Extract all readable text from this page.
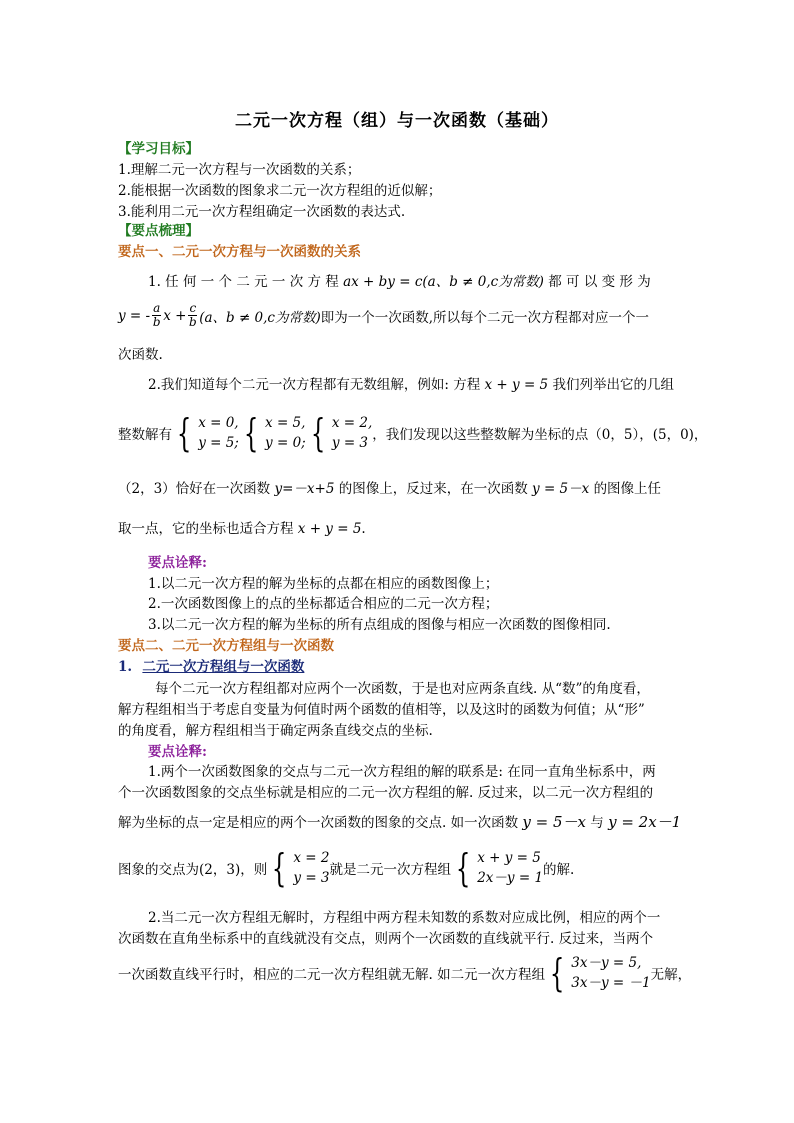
二元一次方程（组）与一次函数（基础）
【学习目标】
1.理解二元一次方程与一次函数的关系；
2.能根据一次函数的图象求二元一次方程组的近似解；
3.能利用二元一次方程组确定一次函数的表达式.
【要点梳理】
要点一、二元一次方程与一次函数的关系
1. 任 何 一 个 二 元 一 次 方 程 ax + by = c(a、b ≠ 0,c为常数) 都 可 以 变 形 为
y = - $\frac{a}{b}$ $x + \frac{c}{b} (a$、b ≠ 0,c为常数) 即为一个一次函数,所以每个二元一次方程都对应一个一
次函数.
2.我们知道每个二元一次方程都有无数组解，例如: 方程 x + y = 5 我们列举出它的几组
整数解有 { x = 0,
y = 5; { x = 5,
y = 0; { x = 2,
y = 3 ，我们发现以这些整数解为坐标的点（0，5），(5，0)，
（2，3）恰好在一次函数 y=－x+5 的图像上，反过来，在一次函数 y = 5－x 的图像上任
取一点，它的坐标也适合方程 x + y = 5.
要点诠释:
1.以二元一次方程的解为坐标的点都在相应的函数图像上；
2.一次函数图像上的点的坐标都适合相应的二元一次方程；
3.以二元一次方程的解为坐标的所有点组成的图像与相应一次函数的图像相同.
要点二、二元一次方程组与一次函数
1. 二元一次方程组与一次函数
每个二元一次方程组都对应两个一次函数，于是也对应两条直线. 从“数”的角度看，
解方程组相当于考虑自变量为何值时两个函数的值相等，以及这时的函数为何值；从“形”
的角度看，解方程组相当于确定两条直线交点的坐标.
要点诠释:
1.两个一次函数图象的交点与二元一次方程组的解的联系是: 在同一直角坐标系中，两
个一次函数图象的交点坐标就是相应的二元一次方程组的解. 反过来，以二元一次方程组的
解为坐标的点一定是相应的两个一次函数的图象的交点. 如一次函数 y = 5－x 与 y = 2x－1
图象的交点为(2，3)，则 { x = 2
y = 3 就是二元一次方程组 { x + y = 5
2x－y = 1 的解.
2.当二元一次方程组无解时，方程组中两方程未知数的系数对应成比例，相应的两个一
次函数在直角坐标系中的直线就没有交点，则两个一次函数的直线就平行. 反过来，当两个
一次函数直线平行时，相应的二元一次方程组就无解. 如二元一次方程组 { 3x－y = 5,
3x－y = －1 无解，
